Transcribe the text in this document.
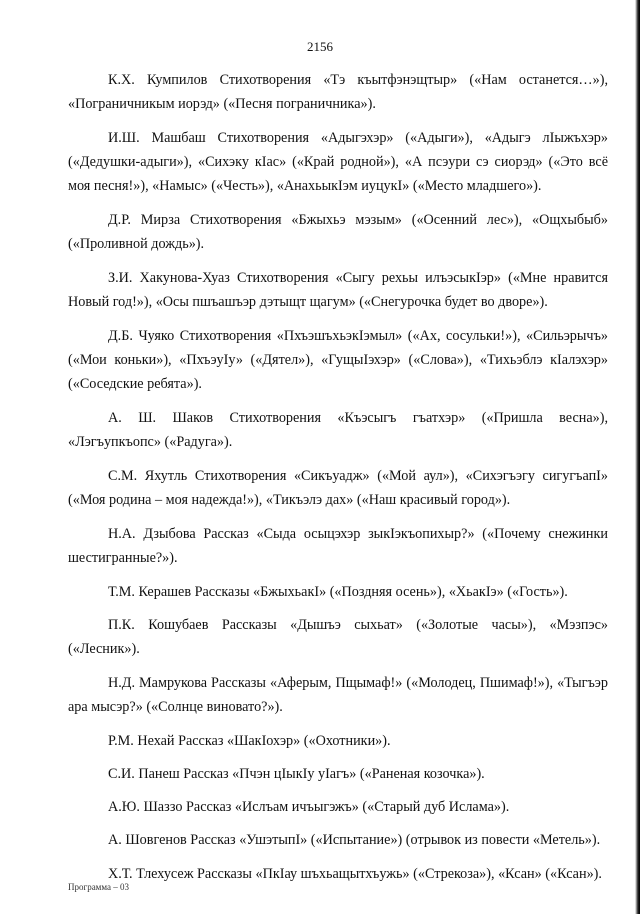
2156

К.Х. Кумпилов Стихотворения «Тэ къытфэнэщтыр» («Нам останется…»), «Пограничникым иорэд» («Песня пограничника»).

И.Ш. Машбаш Стихотворения «Адыгэхэр» («Адыги»), «Адыгэ лІыжъхэр» («Дедушки-адыги»), «Сихэку кІас» («Край родной»), «А псэури сэ сиорэд» («Это всё моя песня!»), «Намыс» («Честь»), «АнахьыкІэм иуцукІ» («Место младшего»).

Д.Р. Мирза Стихотворения «Бжыхьэ мэзым» («Осенний лес»), «Ощхыбыб» («Проливной дождь»).

З.И. Хакунова-Хуаз Стихотворения «Сыгу рехьы илъэсыкІэр» («Мне нравится Новый год!»), «Осы пшъашъэр дэтыщт щагум» («Снегурочка будет во дворе»).

Д.Б. Чуяко Стихотворения «ПхъэшъхьэкІэмыл» («Ах, сосульки!»), «Сильэрычъ» («Мои коньки»), «ПхъэуІу» («Дятел»), «ГущыІэхэр» («Слова»), «Тихьэблэ кІалэхэр» («Соседские ребята»).

А. Ш. Шаков Стихотворения «Къэсыгъ гъатхэр» («Пришла весна»), «Лэгъупкъопс» («Радуга»).

С.М. Яхутль Стихотворения «Сикъуадж» («Мой аул»), «Сихэгъэгу сигугъапІ» («Моя родина – моя надежда!»), «Тикъэлэ дах» («Наш красивый город»).

Н.А. Дзыбова Рассказ «Сыда осыцэхэр зыкІэкъопихыр?» («Почему снежинки шестигранные?»).

Т.М. Керашев Рассказы «БжыхьакІ» («Поздняя осень»), «ХьакІэ» («Гость»).

П.К. Кошубаев Рассказы «Дышъэ сыхьат» («Золотые часы»), «Мэзпэс» («Лесник»).

Н.Д. Мамрукова Рассказы «Аферым, Пщымаф!» («Молодец, Пшимаф!»), «Тыгъэр ара мысэр?» («Солнце виновато?»).

Р.М. Нехай Рассказ «ШакІохэр» («Охотники»).

С.И. Панеш Рассказ «Пчэн цІыкІу уІагъ» («Раненая козочка»).

А.Ю. Шаззо Рассказ «Ислъам ичъыгэжъ» («Старый дуб Ислама»).

А. Шовгенов Рассказ «УшэтыпІ» («Испытание») (отрывок из повести «Метель»).

Х.Т. Тлехусеж Рассказы «ПкІау шъхьащытхъужь» («Стрекоза»), «Ксан» («Ксан»).

Программа – 03
